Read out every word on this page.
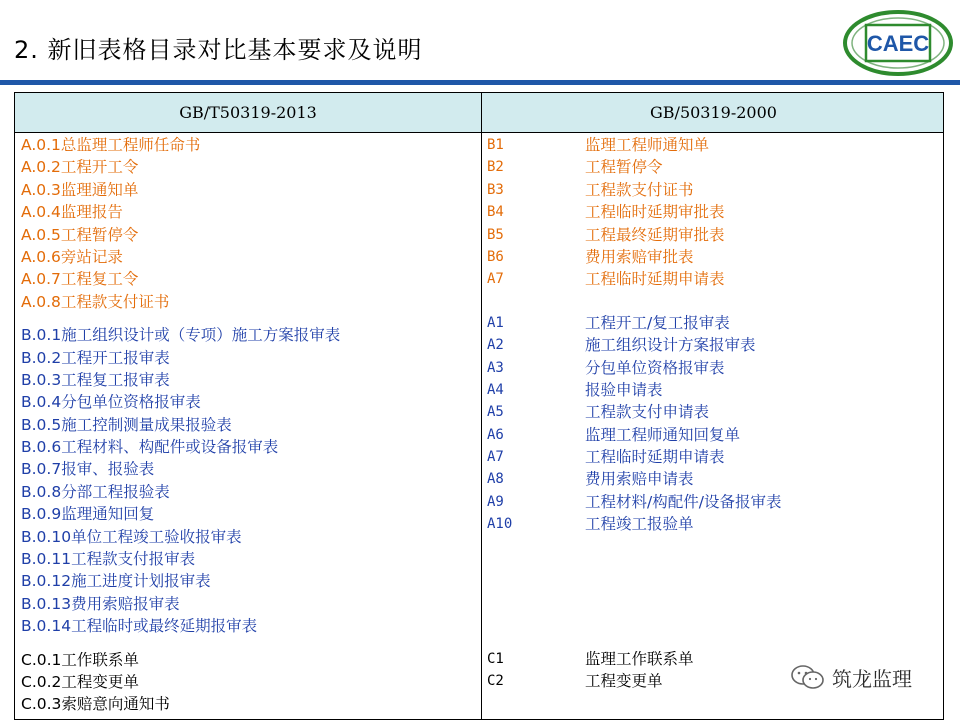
2. 新旧表格目录对比基本要求及说明	CAEC
GB/T50319-2013	GB/50319-2000
A.0.1总监理工程师任命书
A.0.2工程开工令
A.0.3监理通知单
A.0.4监理报告
A.0.5工程暂停令
A.0.6旁站记录
A.0.7工程复工令
A.0.8工程款支付证书
B.0.1施工组织设计或（专项）施工方案报审表
B.0.2工程开工报审表
B.0.3工程复工报审表
B.0.4分包单位资格报审表
B.0.5施工控制测量成果报验表
B.0.6工程材料、构配件或设备报审表
B.0.7报审、报验表
B.0.8分部工程报验表
B.0.9监理通知回复
B.0.10单位工程竣工验收报审表
B.0.11工程款支付报审表
B.0.12施工进度计划报审表
B.0.13费用索赔报审表
B.0.14工程临时或最终延期报审表
C.0.1工作联系单
C.0.2工程变更单
C.0.3索赔意向通知书
B1	监理工程师通知单
B2	工程暂停令
B3	工程款支付证书
B4	工程临时延期审批表
B5	工程最终延期审批表
B6	费用索赔审批表
A7	工程临时延期申请表
A1	工程开工/复工报审表
A2	施工组织设计方案报审表
A3	分包单位资格报审表
A4	报验申请表
A5	工程款支付申请表
A6	监理工程师通知回复单
A7	工程临时延期申请表
A8	费用索赔申请表
A9	工程材料/构配件/设备报审表
A10	工程竣工报验单
C1	监理工作联系单
C2	工程变更单	筑龙监理
